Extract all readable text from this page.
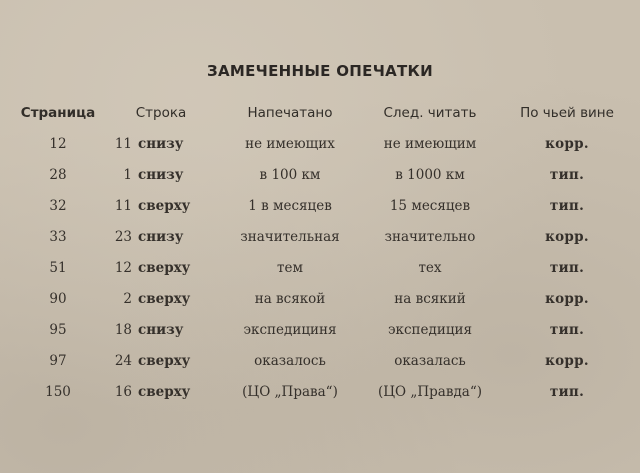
ЗАМЕЧЕННЫЕ ОПЕЧАТКИ
Страница	Строка	Напечатано	След. читать	По чьей вине
12	11 снизу	не имеющих	не имеющим	корр.
28	1 снизу	в 100 км	в 1000 км	тип.
32	11 сверху	1 в месяцев	15 месяцев	тип.
33	23 снизу	значительная	значительно	корр.
51	12 сверху	тем	тех	тип.
90	2 сверху	на всякой	на всякий	корр.
95	18 снизу	экспедициня	экспедиция	тип.
97	24 сверху	оказалось	оказалась	корр.
150	16 сверху	(ЦО „Права“)	(ЦО „Правда“)	тип.
